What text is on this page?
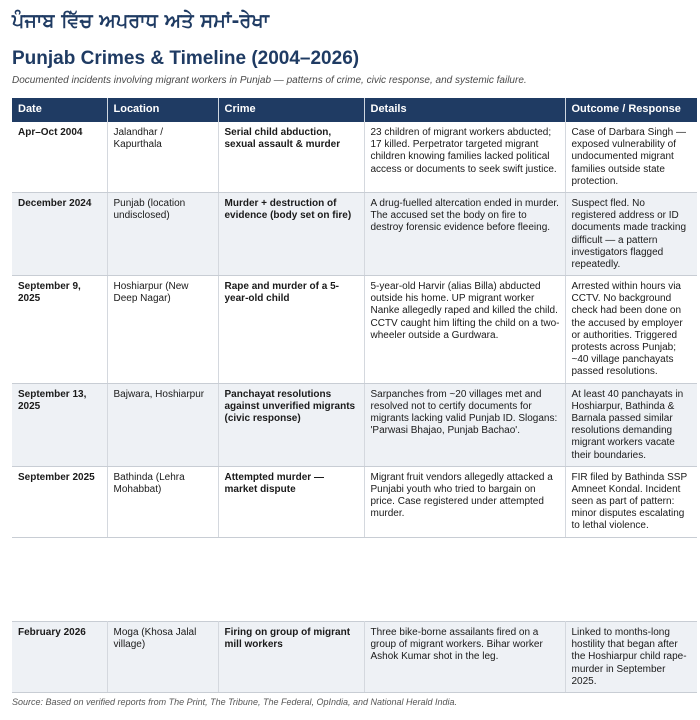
ਪੰਜਾਬ ਵਿੱਚ ਅਪਰਾਧ ਅਤੇ ਸਮਾਂ-ਰੇਖਾ
Punjab Crimes & Timeline (2004–2026)
Documented incidents involving migrant workers in Punjab — patterns of crime, civic response, and systemic failure.
Date	Location	Crime	Details	Outcome / Response
Apr–Oct 2004	Jalandhar / Kapurthala	Serial child abduction, sexual assault & murder	23 children of migrant workers abducted; 17 killed. Perpetrator targeted migrant children knowing families lacked political access or documents to seek swift justice.	Case of Darbara Singh — exposed vulnerability of undocumented migrant families outside state protection.
December 2024	Punjab (location undisclosed)	Murder + destruction of evidence (body set on fire)	A drug-fuelled altercation ended in murder. The accused set the body on fire to destroy forensic evidence before fleeing.	Suspect fled. No registered address or ID documents made tracking difficult — a pattern investigators flagged repeatedly.
September 9, 2025	Hoshiarpur (New Deep Nagar)	Rape and murder of a 5-year-old child	5-year-old Harvir (alias Billa) abducted outside his home. UP migrant worker Nanke allegedly raped and killed the child. CCTV caught him lifting the child on a two-wheeler outside a Gurdwara.	Arrested within hours via CCTV. No background check had been done on the accused by employer or authorities. Triggered protests across Punjab; ~40 village panchayats passed resolutions.
September 13, 2025	Bajwara, Hoshiarpur	Panchayat resolutions against unverified migrants (civic response)	Sarpanches from ~20 villages met and resolved not to certify documents for migrants lacking valid Punjab ID. Slogans: 'Parwasi Bhajao, Punjab Bachao'.	At least 40 panchayats in Hoshiarpur, Bathinda & Barnala passed similar resolutions demanding migrant workers vacate their boundaries.
September 2025	Bathinda (Lehra Mohabbat)	Attempted murder — market dispute	Migrant fruit vendors allegedly attacked a Punjabi youth who tried to bargain on price. Case registered under attempted murder.	FIR filed by Bathinda SSP Amneet Kondal. Incident seen as part of pattern: minor disputes escalating to lethal violence.
February 2026	Moga (Khosa Jalal village)	Firing on group of migrant mill workers	Three bike-borne assailants fired on a group of migrant workers. Bihar worker Ashok Kumar shot in the leg.	Linked to months-long hostility that began after the Hoshiarpur child rape-murder in September 2025.
Source: Based on verified reports from The Print, The Tribune, The Federal, OpIndia, and National Herald India.
